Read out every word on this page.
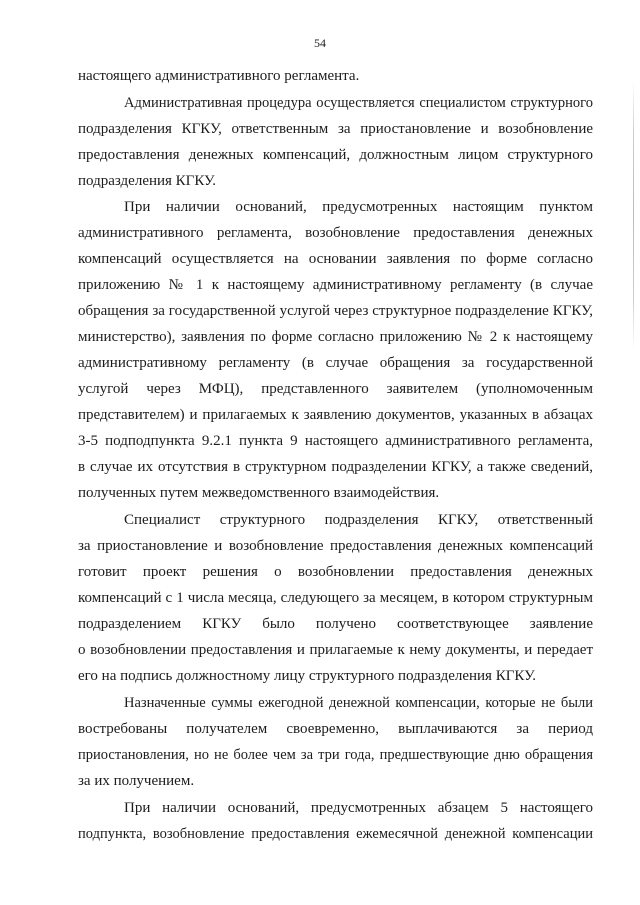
54
настоящего административного регламента.
Административная процедура осуществляется специалистом структурного
подразделения КГКУ, ответственным за приостановление и возобновление
предоставления денежных компенсаций, должностным лицом структурного
подразделения КГКУ.
При наличии оснований, предусмотренных настоящим пунктом
административного регламента, возобновление предоставления денежных
компенсаций осуществляется на основании заявления по форме согласно
приложению № 1 к настоящему административному регламенту (в случае
обращения за государственной услугой через структурное подразделение КГКУ,
министерство), заявления по форме согласно приложению № 2 к настоящему
административному регламенту (в случае обращения за государственной
услугой через МФЦ), представленного заявителем (уполномоченным
представителем) и прилагаемых к заявлению документов, указанных в абзацах
3-5 подподпункта 9.2.1 пункта 9 настоящего административного регламента,
в случае их отсутствия в структурном подразделении КГКУ, а также сведений,
полученных путем межведомственного взаимодействия.
Специалист структурного подразделения КГКУ, ответственный
за приостановление и возобновление предоставления денежных компенсаций
готовит проект решения о возобновлении предоставления денежных
компенсаций с 1 числа месяца, следующего за месяцем, в котором структурным
подразделением КГКУ было получено соответствующее заявление
о возобновлении предоставления и прилагаемые к нему документы, и передает
его на подпись должностному лицу структурного подразделения КГКУ.
Назначенные суммы ежегодной денежной компенсации, которые не были
востребованы получателем своевременно, выплачиваются за период
приостановления, но не более чем за три года, предшествующие дню обращения
за их получением.
При наличии оснований, предусмотренных абзацем 5 настоящего
подпункта, возобновление предоставления ежемесячной денежной компенсации
